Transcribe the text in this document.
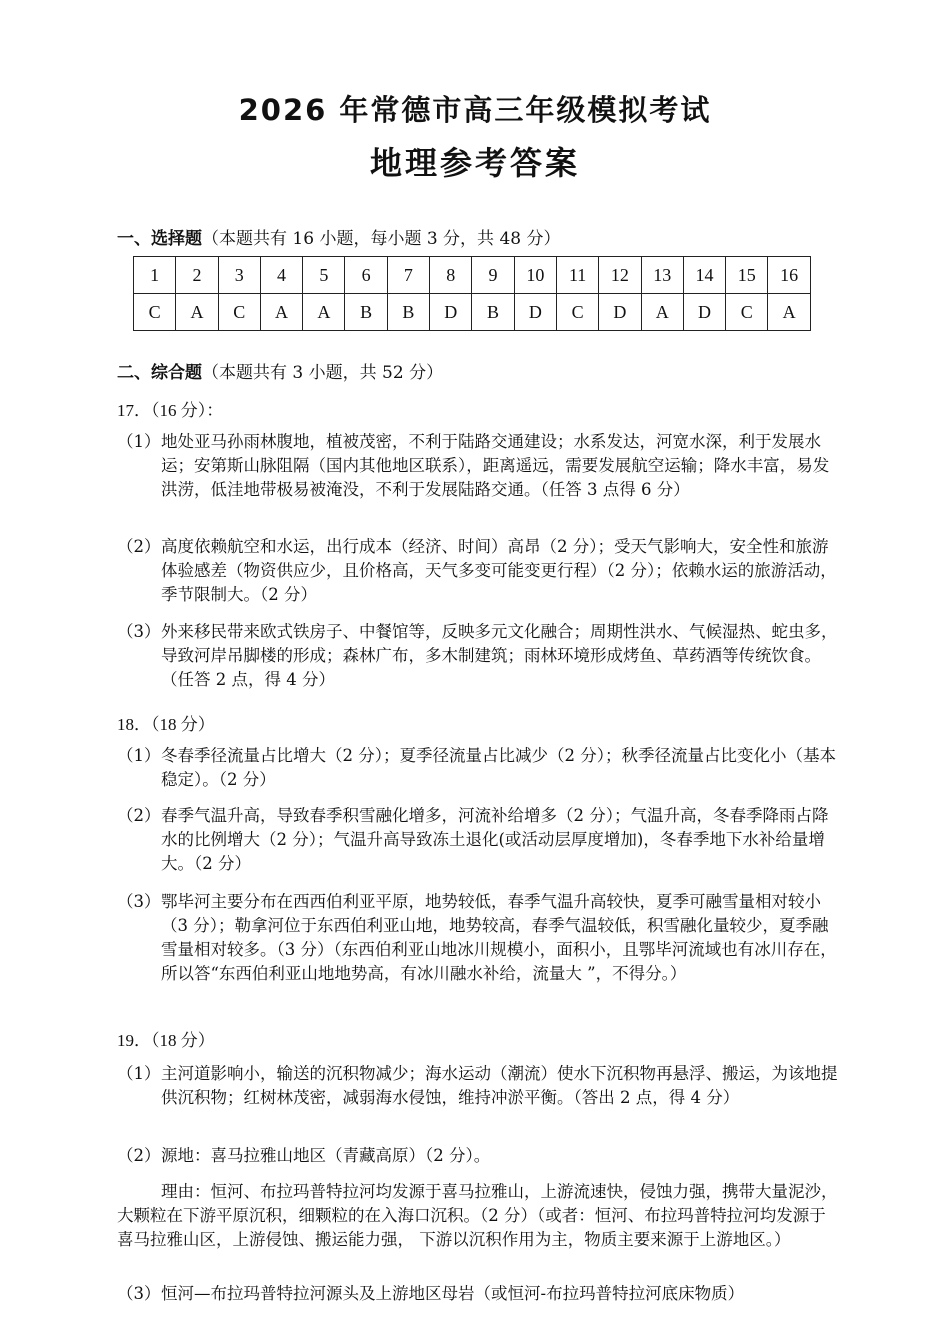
2026 年常德市高三年级模拟考试
地理参考答案
一、选择题（本题共有 16 小题，每小题 3 分，共 48 分）
1	2	3	4	5	6	7	8	9	10	11	12	13	14	15	16
C	A	C	A	A	B	B	D	B	D	C	D	A	D	C	A
二、综合题（本题共有 3 小题，共 52 分）
17．（16 分）：
（1） 地处亚马孙雨林腹地，植被茂密，不利于陆路交通建设；水系发达，河宽水深，利于发展水运；安第斯山脉阻隔（国内其他地区联系），距离遥远，需要发展航空运输；降水丰富，易发洪涝，低洼地带极易被淹没，不利于发展陆路交通。（任答 3 点得 6 分）
（2） 高度依赖航空和水运，出行成本（经济、时间）高昂（2 分）；受天气影响大，安全性和旅游体验感差（物资供应少，且价格高，天气多变可能变更行程）（2 分）；依赖水运的旅游活动，季节限制大。（2 分）
（3） 外来移民带来欧式铁房子、中餐馆等，反映多元文化融合；周期性洪水、气候湿热、蛇虫多，导致河岸吊脚楼的形成；森林广布，多木制建筑；雨林环境形成烤鱼、草药酒等传统饮食。（任答 2 点，得 4 分）
18．（18 分）
（1） 冬春季径流量占比增大（2 分）；夏季径流量占比减少（2 分）；秋季径流量占比变化小（基本稳定）。（2 分）
（2） 春季气温升高，导致春季积雪融化增多，河流补给增多（2 分）；气温升高，冬春季降雨占降水的比例增大（2 分）；气温升高导致冻土退化(或活动层厚度增加)，冬春季地下水补给量增大。（2 分）
（3） 鄂毕河主要分布在西西伯利亚平原，地势较低，春季气温升高较快，夏季可融雪量相对较小（3 分）；勒拿河位于东西伯利亚山地，地势较高，春季气温较低，积雪融化量较少，夏季融雪量相对较多。（3 分）（东西伯利亚山地冰川规模小，面积小，且鄂毕河流域也有冰川存在，所以答“东西伯利亚山地地势高，有冰川融水补给，流量大 ”，不得分。）
19．（18 分）
（1） 主河道影响小，输送的沉积物减少；海水运动（潮流）使水下沉积物再悬浮、搬运，为该地提供沉积物；红树林茂密，减弱海水侵蚀，维持冲淤平衡。（答出 2 点，得 4 分）
（2） 源地：喜马拉雅山地区（青藏高原）（2 分）。
理由：恒河、布拉玛普特拉河均发源于喜马拉雅山，上游流速快，侵蚀力强，携带大量泥沙，大颗粒在下游平原沉积，细颗粒的在入海口沉积。（2 分）（或者：恒河、布拉玛普特拉河均发源于喜马拉雅山区，上游侵蚀、搬运能力强， 下游以沉积作用为主，物质主要来源于上游地区。）
（3） 恒河—布拉玛普特拉河源头及上游地区母岩（或恒河-布拉玛普特拉河底床物质）
